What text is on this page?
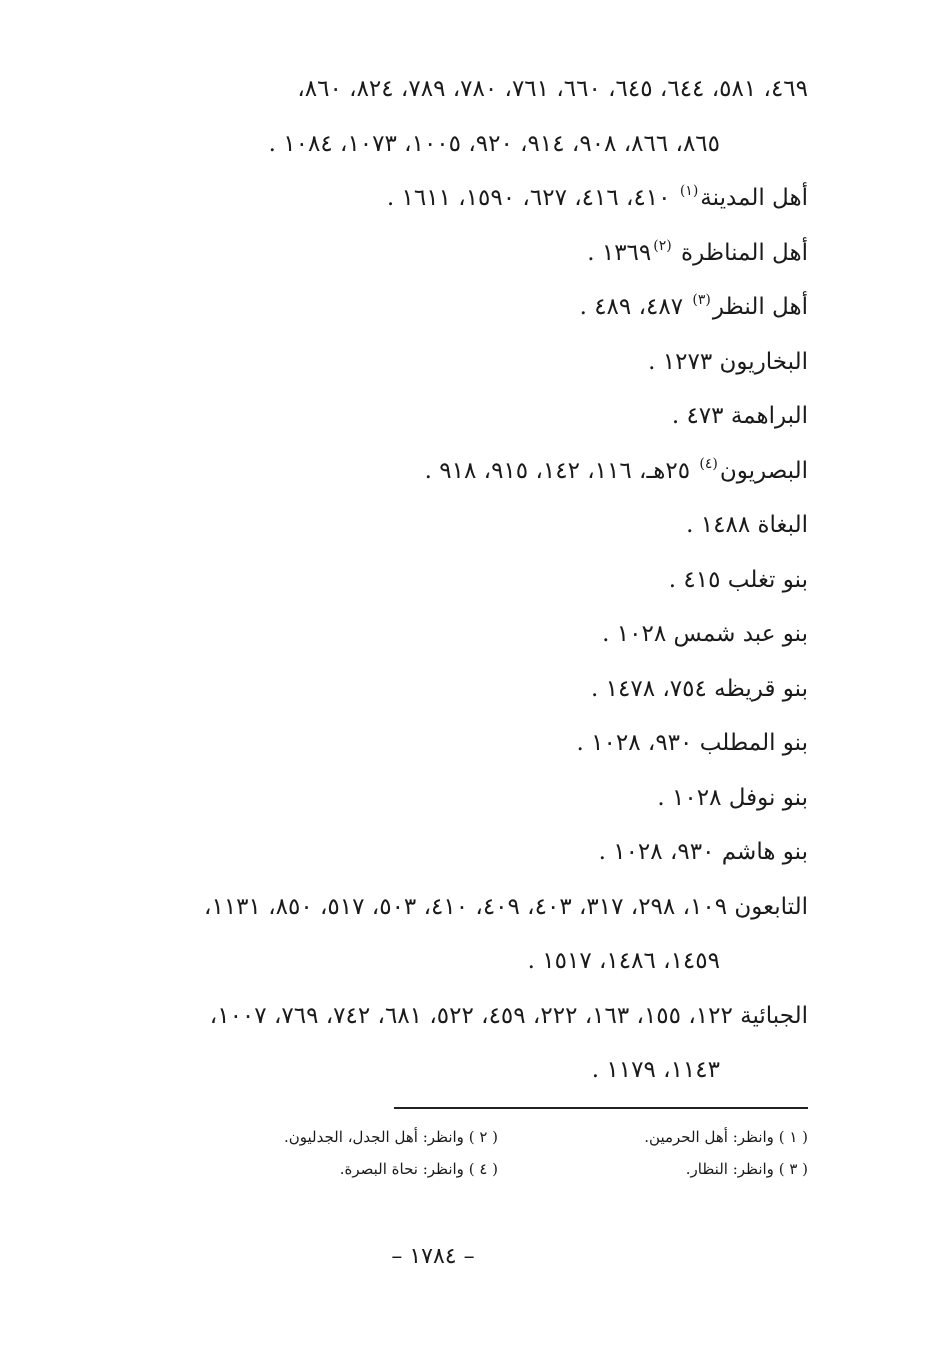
٤٦٩، ٥٨١، ٦٤٤، ٦٤٥، ٦٦٠، ٧٦١، ٧٨٠، ٧٨٩، ٨٢٤، ٨٦٠،
٨٦٥، ٨٦٦، ٩٠٨، ٩١٤، ٩٢٠، ١٠٠٥، ١٠٧٣، ١٠٨٤ .
أهل المدينة$^{(١)}$ ٤١٠، ٤١٦، ٦٢٧، ١٥٩٠، ١٦١١ .
أهل المناظرة $^{(٢)}$١٣٦٩ .
أهل النظر$^{(٣)}$ ٤٨٧، ٤٨٩ .
البخاريون ١٢٧٣ .
البراهمة ٤٧٣ .
البصريون$^{(٤)}$ ٢٥هـ، ١١٦، ١٤٢، ٩١٥، ٩١٨ .
البغاة ١٤٨٨ .
بنو تغلب ٤١٥ .
بنو عبد شمس ١٠٢٨ .
بنو قريظه ٧٥٤، ١٤٧٨ .
بنو المطلب ٩٣٠، ١٠٢٨ .
بنو نوفل ١٠٢٨ .
بنو هاشم ٩٣٠، ١٠٢٨ .
التابعون ١٠٩، ٢٩٨، ٣١٧، ٤٠٣، ٤٠٩، ٤١٠، ٥٠٣، ٥١٧، ٨٥٠، ١١٣١،
١٤٥٩، ١٤٨٦، ١٥١٧ .
الجبائية ١٢٢، ١٥٥، ١٦٣، ٢٢٢، ٤٥٩، ٥٢٢، ٦٨١، ٧٤٢، ٧٦٩، ١٠٠٧،
١١٤٣، ١١٧٩ .
( ١ ) وانظر: أهل الحرمين.
( ٢ ) وانظر: أهل الجدل، الجدليون.
( ٣ ) وانظر: النظار.
( ٤ ) وانظر: نحاة البصرة.
– ١٧٨٤ –
